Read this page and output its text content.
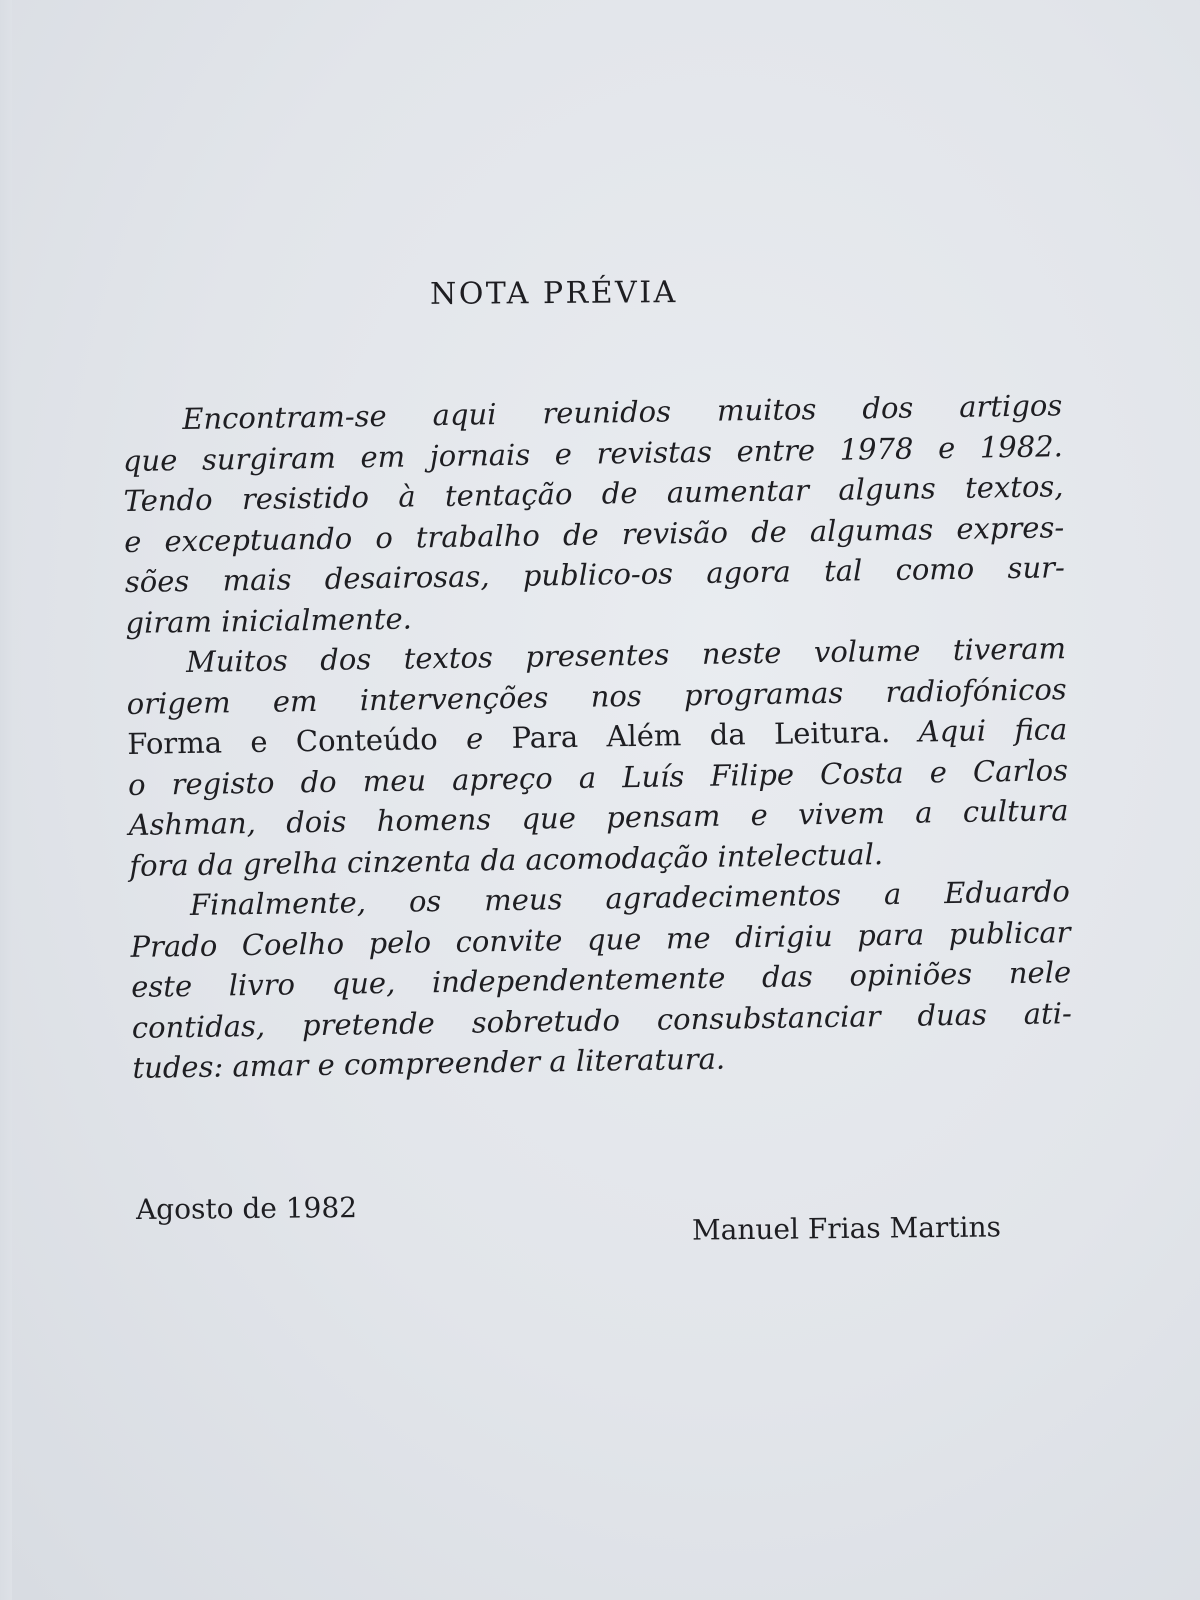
NOTA PRÉVIA
Encontram-se aqui reunidos muitos dos artigos
que surgiram em jornais e revistas entre 1978 e 1982.
Tendo resistido à tentação de aumentar alguns textos,
e exceptuando o trabalho de revisão de algumas expres-
sões mais desairosas, publico-os agora tal como sur-
giram inicialmente.
Muitos dos textos presentes neste volume tiveram
origem em intervenções nos programas radiofónicos
Forma e Conteúdo e Para Além da Leitura. Aqui fica
o registo do meu apreço a Luís Filipe Costa e Carlos
Ashman, dois homens que pensam e vivem a cultura
fora da grelha cinzenta da acomodação intelectual.
Finalmente, os meus agradecimentos a Eduardo
Prado Coelho pelo convite que me dirigiu para publicar
este livro que, independentemente das opiniões nele
contidas, pretende sobretudo consubstanciar duas ati-
tudes: amar e compreender a literatura.
Agosto de 1982
Manuel Frias Martins
